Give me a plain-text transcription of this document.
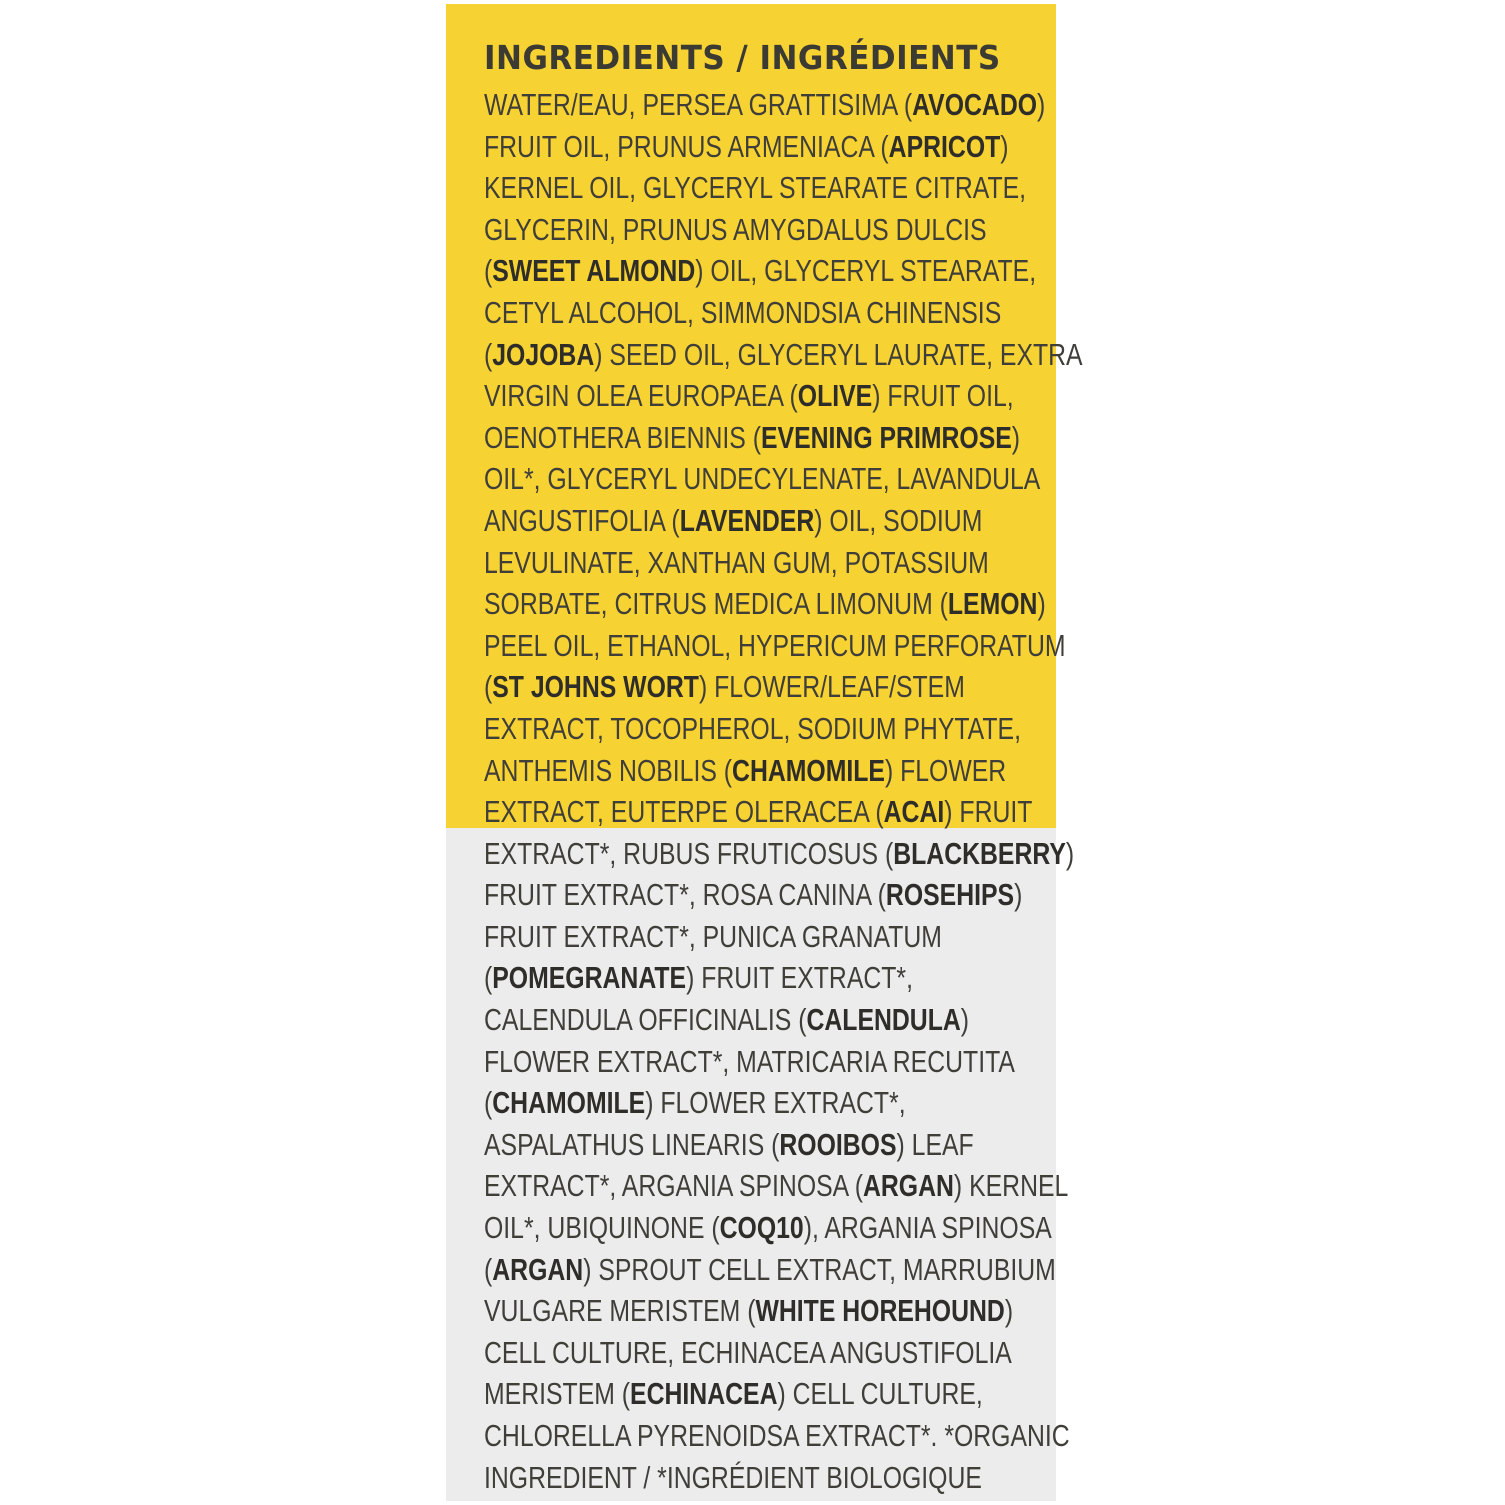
INGREDIENTS / INGRÉDIENTS
WATER/EAU, PERSEA GRATTISIMA (AVOCADO)
FRUIT OIL, PRUNUS ARMENIACA (APRICOT)
KERNEL OIL, GLYCERYL STEARATE CITRATE,
GLYCERIN, PRUNUS AMYGDALUS DULCIS
(SWEET ALMOND) OIL, GLYCERYL STEARATE,
CETYL ALCOHOL, SIMMONDSIA CHINENSIS
(JOJOBA) SEED OIL, GLYCERYL LAURATE, EXTRA
VIRGIN OLEA EUROPAEA (OLIVE) FRUIT OIL,
OENOTHERA BIENNIS (EVENING PRIMROSE)
OIL*, GLYCERYL UNDECYLENATE, LAVANDULA
ANGUSTIFOLIA (LAVENDER) OIL, SODIUM
LEVULINATE, XANTHAN GUM, POTASSIUM
SORBATE, CITRUS MEDICA LIMONUM (LEMON)
PEEL OIL, ETHANOL, HYPERICUM PERFORATUM
(ST JOHNS WORT) FLOWER/LEAF/STEM
EXTRACT, TOCOPHEROL, SODIUM PHYTATE,
ANTHEMIS NOBILIS (CHAMOMILE) FLOWER
EXTRACT, EUTERPE OLERACEA (ACAI) FRUIT
EXTRACT*, RUBUS FRUTICOSUS (BLACKBERRY)
FRUIT EXTRACT*, ROSA CANINA (ROSEHIPS)
FRUIT EXTRACT*, PUNICA GRANATUM
(POMEGRANATE) FRUIT EXTRACT*,
CALENDULA OFFICINALIS (CALENDULA)
FLOWER EXTRACT*, MATRICARIA RECUTITA
(CHAMOMILE) FLOWER EXTRACT*,
ASPALATHUS LINEARIS (ROOIBOS) LEAF
EXTRACT*, ARGANIA SPINOSA (ARGAN) KERNEL
OIL*, UBIQUINONE (COQ10), ARGANIA SPINOSA
(ARGAN) SPROUT CELL EXTRACT, MARRUBIUM
VULGARE MERISTEM (WHITE HOREHOUND)
CELL CULTURE, ECHINACEA ANGUSTIFOLIA
MERISTEM (ECHINACEA) CELL CULTURE,
CHLORELLA PYRENOIDSA EXTRACT*. *ORGANIC
INGREDIENT / *INGRÉDIENT BIOLOGIQUE
